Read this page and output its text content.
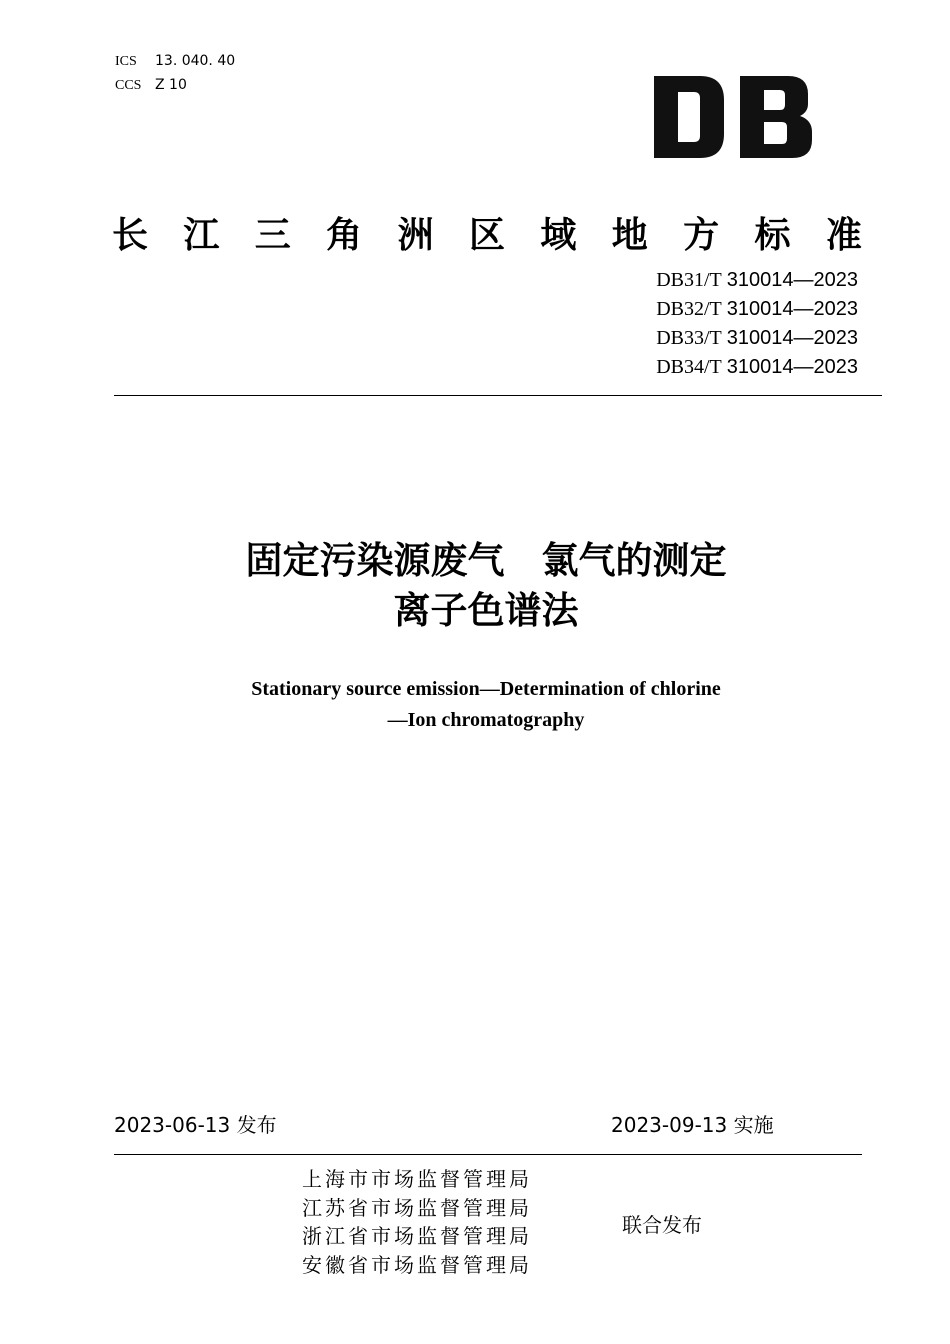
ICS 13. 040. 40
CCS Z 10
长 江 三 角 洲 区 域 地 方 标 准
DB31/T 310014—2023
DB32/T 310014—2023
DB33/T 310014—2023
DB34/T 310014—2023
固定污染源废气　氯气的测定
离子色谱法
Stationary source emission—Determination of chlorine
—Ion chromatography
2023-06-13 发布	2023-09-13 实施
上海市市场监督管理局
江苏省市场监督管理局
浙江省市场监督管理局
安徽省市场监督管理局
联合发布
